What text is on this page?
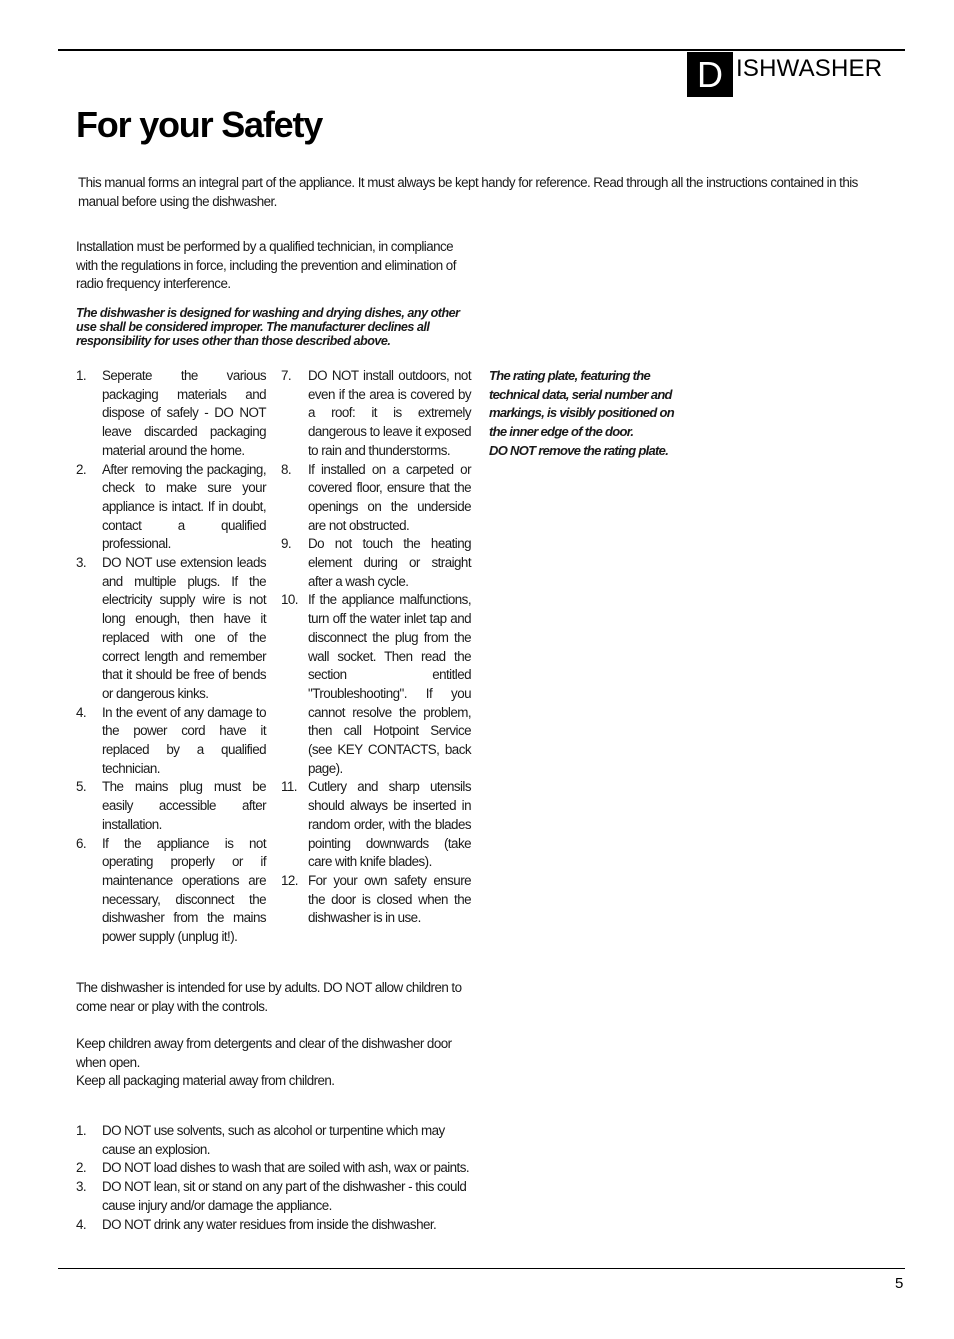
D ISHWASHER
For your Safety

This manual forms an integral part of the appliance. It must always be kept handy for reference. Read through all the instructions contained in this manual before using the dishwasher.

Installation must be performed by a qualified technician, in compliance with the regulations in force, including the prevention and elimination of radio frequency interference.

The dishwasher is designed for washing and drying dishes, any other use shall be considered improper. The manufacturer declines all responsibility for uses other than those described above.

The rating plate, featuring the technical data, serial number and markings, is visibly positioned on the inner edge of the door.
DO NOT remove the rating plate.
1.	Seperate the various packaging materials and dispose of safely - DO NOT leave discarded packaging material around the home.
2.	After removing the packaging, check to make sure your appliance is intact. If in doubt, contact a qualified professional.
3.	DO NOT use extension leads and multiple plugs. If the electricity supply wire is not long enough, then have it replaced with one of the correct length and remember that it should be free of bends or dangerous kinks.
4.	In the event of any damage to the power cord have it replaced by a qualified technician.
5.	The mains plug must be easily accessible after installation.
6.	If the appliance is not operating properly or if maintenance operations are necessary, disconnect the dishwasher from the mains power supply (unplug it!).
7.	DO NOT install outdoors, not even if the area is covered by a roof: it is extremely dangerous to leave it exposed to rain and thunderstorms.
8.	If installed on a carpeted or covered floor, ensure that the openings on the underside are not obstructed.
9.	Do not touch the heating element during or straight after a wash cycle.
10. If the appliance malfunctions, turn off the water inlet tap and disconnect the plug from the wall socket. Then read the section entitled "Troubleshooting". If you cannot resolve the problem, then call Hotpoint Service (see KEY CONTACTS, back page).
11. Cutlery and sharp utensils should always be inserted in random order, with the blades pointing downwards (take care with knife blades).
12. For your own safety ensure the door is closed when the dishwasher is in use.

The dishwasher is intended for use by adults. DO NOT allow children to come near or play with the controls.

Keep children away from detergents and clear of the dishwasher door when open.

Keep all packaging material away from children.

1.	DO NOT use solvents, such as alcohol or turpentine which may cause an explosion.
2.	DO NOT load dishes to wash that are soiled with ash, wax or paints.
3.	DO NOT lean, sit or stand on any part of the dishwasher - this could cause injury and/or damage the appliance.
4.	DO NOT drink any water residues from inside the dishwasher.
5
